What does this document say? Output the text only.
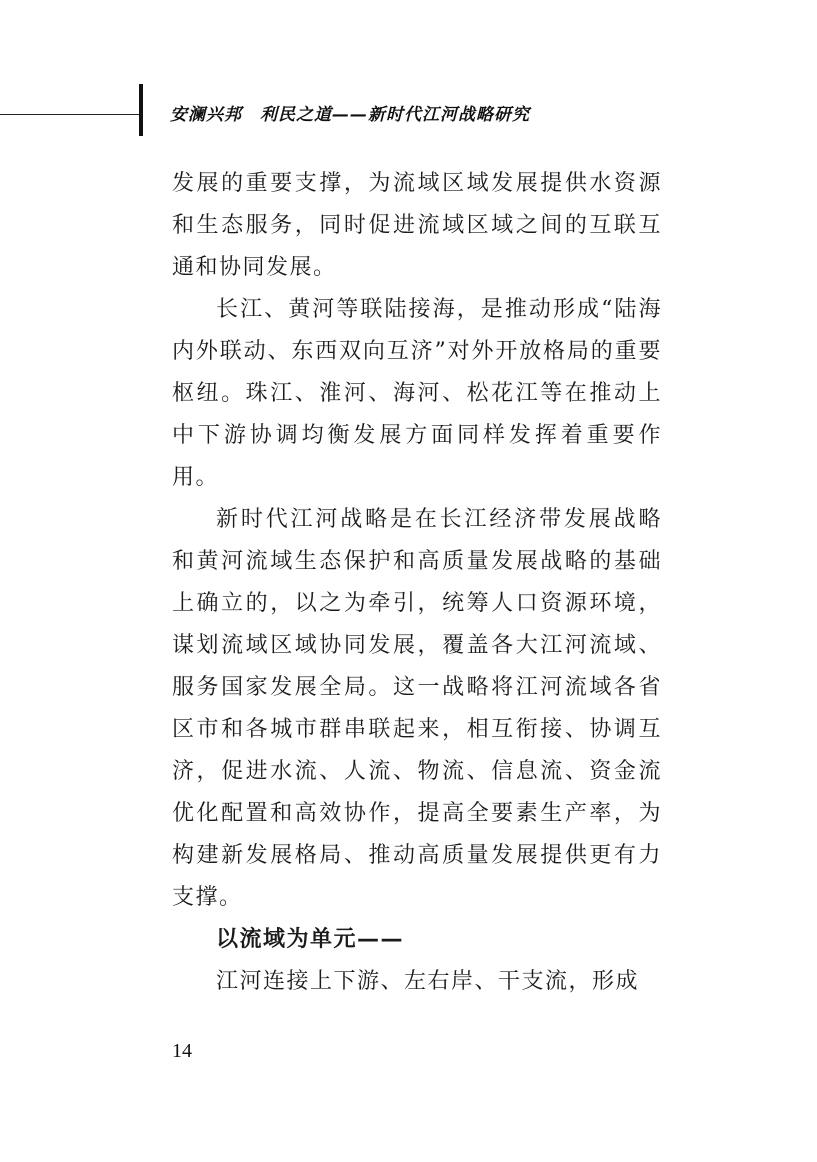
安澜兴邦　利民之道——新时代江河战略研究

发展的重要支撑，为流域区域发展提供水资源和生态服务，同时促进流域区域之间的互联互通和协同发展。

长江、黄河等联陆接海，是推动形成“陆海内外联动、东西双向互济”对外开放格局的重要枢纽。珠江、淮河、海河、松花江等在推动上中下游协调均衡发展方面同样发挥着重要作用。

新时代江河战略是在长江经济带发展战略和黄河流域生态保护和高质量发展战略的基础上确立的，以之为牵引，统筹人口资源环境，谋划流域区域协同发展，覆盖各大江河流域、服务国家发展全局。这一战略将江河流域各省区市和各城市群串联起来，相互衔接、协调互济，促进水流、人流、物流、信息流、资金流优化配置和高效协作，提高全要素生产率，为构建新发展格局、推动高质量发展提供更有力支撑。

以流域为单元——

江河连接上下游、左右岸、干支流，形成

14
